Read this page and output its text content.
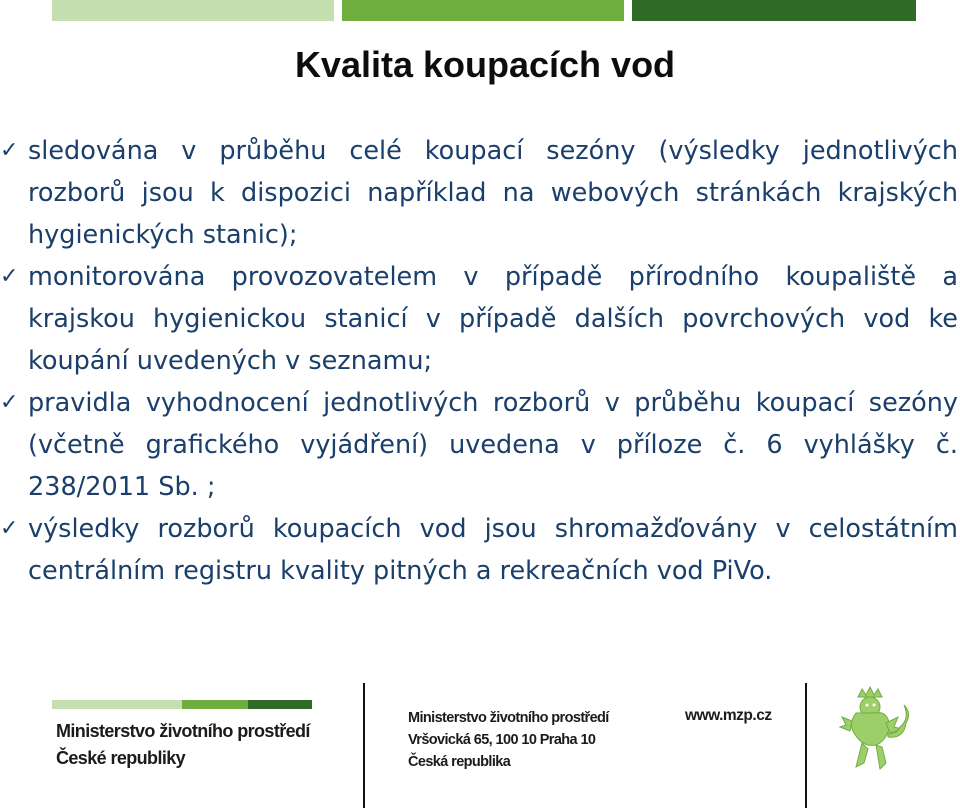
Kvalita koupacích vod
✓ sledována v průběhu celé koupací sezóny (výsledky jednotlivých rozborů jsou k dispozici například na webových stránkách krajských hygienických stanic);
✓ monitorována provozovatelem v případě přírodního koupaliště a krajskou hygienickou stanicí v případě dalších povrchových vod ke koupání uvedených v seznamu;
✓ pravidla vyhodnocení jednotlivých rozborů v průběhu koupací sezóny (včetně grafického vyjádření) uvedena v příloze č. 6 vyhlášky č. 238/2011 Sb. ;
✓ výsledky rozborů koupacích vod jsou shromažďovány v celostátním centrálním registru kvality pitných a rekreačních vod PiVo.
Ministerstvo životního prostředí
České republiky
Ministerstvo životního prostředí
Vršovická 65, 100 10 Praha 10
Česká republika
www.mzp.cz
